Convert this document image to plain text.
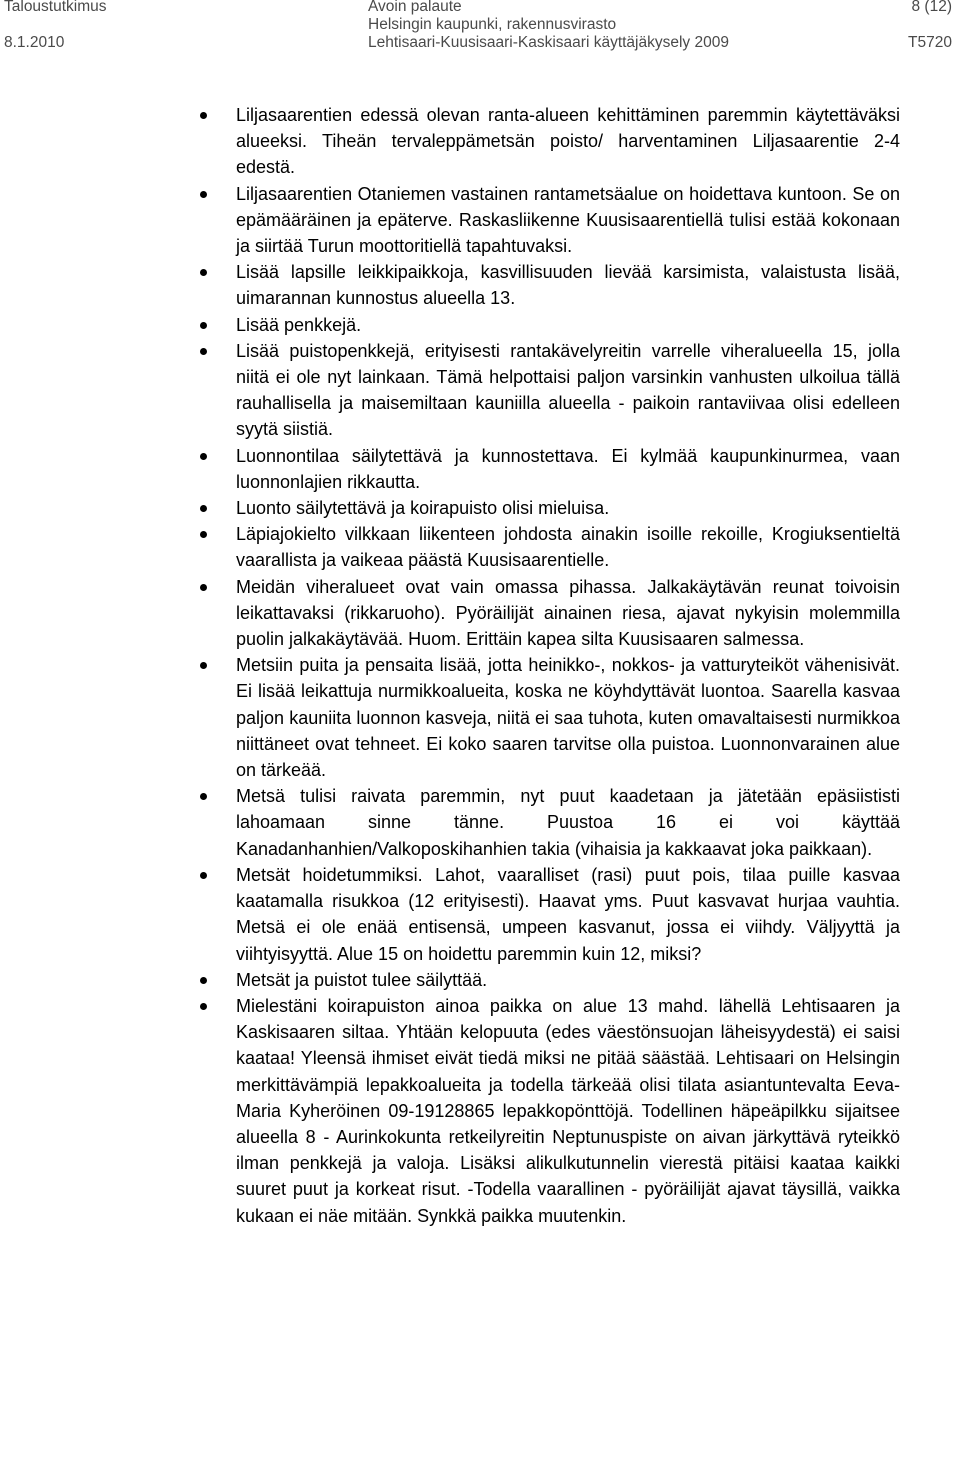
Taloustutkimus	Avoin palaute	8 (12)
Helsingin kaupunki, rakennusvirasto
8.1.2010	Lehtisaari-Kuusisaari-Kaskisaari käyttäjäkysely 2009	T5720
Liljasaarentien edessä olevan ranta-alueen kehittäminen paremmin käytettäväksi alueeksi. Tiheän tervaleppämetsän poisto/ harventaminen Liljasaarentie 2-4 edestä.
Liljasaarentien Otaniemen vastainen rantametsäalue on hoidettava kuntoon. Se on epämääräinen ja epäterve. Raskasliikenne Kuusisaarentiellä tulisi estää kokonaan ja siirtää Turun moottoritiellä tapahtuvaksi.
Lisää lapsille leikkipaikkoja, kasvillisuuden lievää karsimista, valaistusta lisää, uimarannan kunnostus alueella 13.
Lisää penkkejä.
Lisää puistopenkkejä, erityisesti rantakävelyreitin varrelle viheralueella 15, jolla niitä ei ole nyt lainkaan. Tämä helpottaisi paljon varsinkin vanhusten ulkoilua tällä rauhallisella ja maisemiltaan kauniilla alueella - paikoin rantaviivaa olisi edelleen syytä siistiä.
Luonnontilaa säilytettävä ja kunnostettava. Ei kylmää kaupunkinurmea, vaan luonnonlajien rikkautta.
Luonto säilytettävä ja koirapuisto olisi mieluisa.
Läpiajokielto vilkkaan liikenteen johdosta ainakin isoille rekoille, Krogiuksentieltä vaarallista ja vaikeaa päästä Kuusisaarentielle.
Meidän viheralueet ovat vain omassa pihassa. Jalkakäytävän reunat toivoisin leikattavaksi (rikkaruoho). Pyöräilijät ainainen riesa, ajavat nykyisin molemmilla puolin jalkakäytävää. Huom. Erittäin kapea silta Kuusisaaren salmessa.
Metsiin puita ja pensaita lisää, jotta heinikko-, nokkos- ja vatturyteiköt vähenisivät. Ei lisää leikattuja nurmikkoalueita, koska ne köyhdyttävät luontoa. Saarella kasvaa paljon kauniita luonnon kasveja, niitä ei saa tuhota, kuten omavaltaisesti nurmikkoa niittäneet ovat tehneet. Ei koko saaren tarvitse olla puistoa. Luonnonvarainen alue on tärkeää.
Metsä tulisi raivata paremmin, nyt puut kaadetaan ja jätetään epäsiististi lahoamaan sinne tänne. Puustoa 16 ei voi käyttää Kanadanhanhien/Valkoposkihanhien takia (vihaisia ja kakkaavat joka paikkaan).
Metsät hoidetummiksi. Lahot, vaaralliset (rasi) puut pois, tilaa puille kasvaa kaatamalla risukkoa (12 erityisesti). Haavat yms. Puut kasvavat hurjaa vauhtia. Metsä ei ole enää entisensä, umpeen kasvanut, jossa ei viihdy. Väljyyttä ja viihtyisyyttä. Alue 15 on hoidettu paremmin kuin 12, miksi?
Metsät ja puistot tulee säilyttää.
Mielestäni koirapuiston ainoa paikka on alue 13 mahd. lähellä Lehtisaaren ja Kaskisaaren siltaa. Yhtään kelopuuta (edes väestönsuojan läheisyydestä) ei saisi kaataa! Yleensä ihmiset eivät tiedä miksi ne pitää säästää. Lehtisaari on Helsingin merkittävämpiä lepakkoalueita ja todella tärkeää olisi tilata asiantuntevalta Eeva-Maria Kyheröinen 09-19128865 lepakkopönttöjä. Todellinen häpeäpilkku sijaitsee alueella 8 - Aurinkokunta retkeilyreitin Neptunuspiste on aivan järkyttävä ryteikkö ilman penkkejä ja valoja. Lisäksi alikulkutunnelin vierestä pitäisi kaataa kaikki suuret puut ja korkeat risut. -Todella vaarallinen - pyöräilijät ajavat täysillä, vaikka kukaan ei näe mitään. Synkkä paikka muutenkin.
